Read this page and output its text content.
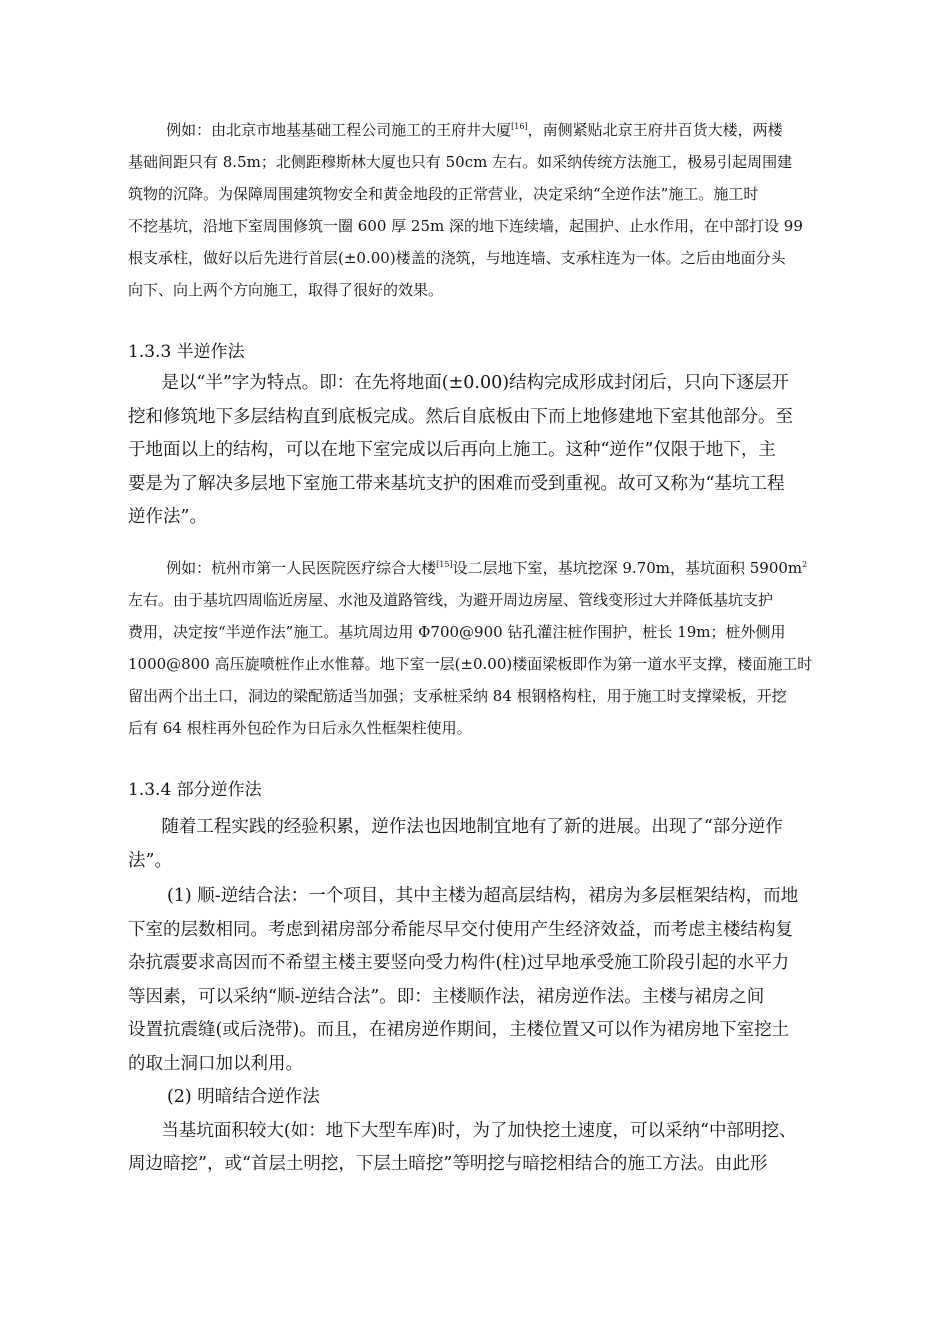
例如：由北京市地基基础工程公司施工的王府井大厦[16]，南侧紧贴北京王府井百货大楼，两楼
基础间距只有 8.5m；北侧距穆斯林大厦也只有 50cm 左右。如采纳传统方法施工，极易引起周围建
筑物的沉降。为保障周围建筑物安全和黄金地段的正常营业，决定采纳“全逆作法”施工。施工时
不挖基坑，沿地下室周围修筑一圈 600 厚 25m 深的地下连续墙，起围护、止水作用，在中部打设 99
根支承柱，做好以后先进行首层(±0.00)楼盖的浇筑，与地连墙、支承柱连为一体。之后由地面分头
向下、向上两个方向施工，取得了很好的效果。
1.3.3 半逆作法
是以“半”字为特点。即：在先将地面(±0.00)结构完成形成封闭后，只向下逐层开
挖和修筑地下多层结构直到底板完成。然后自底板由下而上地修建地下室其他部分。至
于地面以上的结构，可以在地下室完成以后再向上施工。这种“逆作”仅限于地下，主
要是为了解决多层地下室施工带来基坑支护的困难而受到重视。故可又称为“基坑工程
逆作法”。
例如：杭州市第一人民医院医疗综合大楼[15]设二层地下室，基坑挖深 9.70m，基坑面积 $5900m^2$
左右。由于基坑四周临近房屋、水池及道路管线，为避开周边房屋、管线变形过大并降低基坑支护
费用，决定按“半逆作法”施工。基坑周边用 Φ700@900 钻孔灌注桩作围护，桩长 19m；桩外侧用
1000@800 高压旋喷桩作止水惟幕。地下室一层(±0.00)楼面梁板即作为第一道水平支撑，楼面施工时
留出两个出土口，洞边的梁配筋适当加强；支承桩采纳 84 根钢格构柱，用于施工时支撑梁板，开挖
后有 64 根柱再外包砼作为日后永久性框架柱使用。
1.3.4 部分逆作法
随着工程实践的经验积累，逆作法也因地制宜地有了新的进展。出现了“部分逆作
法”。
(1) 顺-逆结合法：一个项目，其中主楼为超高层结构，裙房为多层框架结构，而地
下室的层数相同。考虑到裙房部分希能尽早交付使用产生经济效益，而考虑主楼结构复
杂抗震要求高因而不希望主楼主要竖向受力构件(柱)过早地承受施工阶段引起的水平力
等因素，可以采纳“顺-逆结合法”。即：主楼顺作法，裙房逆作法。主楼与裙房之间
设置抗震缝(或后浇带)。而且，在裙房逆作期间，主楼位置又可以作为裙房地下室挖土
的取土洞口加以利用。
(2) 明暗结合逆作法
当基坑面积较大(如：地下大型车库)时，为了加快挖土速度，可以采纳“中部明挖、
周边暗挖”，或“首层土明挖，下层土暗挖”等明挖与暗挖相结合的施工方法。由此形
